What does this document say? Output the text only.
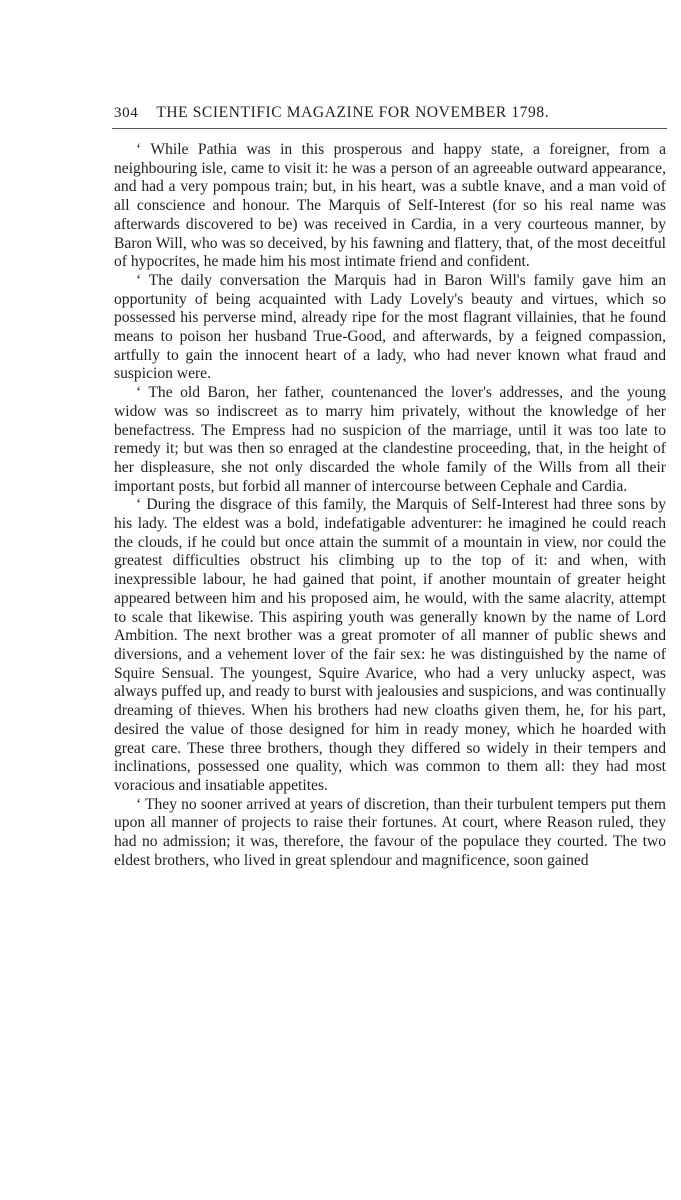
304 THE SCIENTIFIC MAGAZINE FOR NOVEMBER 1798.

‘ While Pathia was in this prosperous and happy state, a foreigner, from a neighbouring isle, came to visit it: he was a person of an agreeable outward appearance, and had a very pompous train; but, in his heart, was a subtle knave, and a man void of all conscience and honour. The Marquis of Self-Interest (for so his real name was afterwards discovered to be) was received in Cardia, in a very courteous manner, by Baron Will, who was so deceived, by his fawning and flattery, that, of the most deceitful of hypocrites, he made him his most intimate friend and confident.

‘ The daily conversation the Marquis had in Baron Will's family gave him an opportunity of being acquainted with Lady Lovely's beauty and virtues, which so possessed his perverse mind, already ripe for the most flagrant villainies, that he found means to poison her husband True-Good, and afterwards, by a feigned compassion, artfully to gain the innocent heart of a lady, who had never known what fraud and suspicion were.

‘ The old Baron, her father, countenanced the lover's addresses, and the young widow was so indiscreet as to marry him privately, without the knowledge of her benefactress. The Empress had no suspicion of the marriage, until it was too late to remedy it; but was then so enraged at the clandestine proceeding, that, in the height of her displeasure, she not only discarded the whole family of the Wills from all their important posts, but forbid all manner of intercourse between Cephale and Cardia.

‘ During the disgrace of this family, the Marquis of Self-Interest had three sons by his lady. The eldest was a bold, indefatigable adventurer: he imagined he could reach the clouds, if he could but once attain the summit of a mountain in view, nor could the greatest difficulties obstruct his climbing up to the top of it: and when, with inexpressible labour, he had gained that point, if another mountain of greater height appeared between him and his proposed aim, he would, with the same alacrity, attempt to scale that likewise. This aspiring youth was generally known by the name of Lord Ambition. The next brother was a great promoter of all manner of public shews and diversions, and a vehement lover of the fair sex: he was distinguished by the name of Squire Sensual. The youngest, Squire Avarice, who had a very unlucky aspect, was always puffed up, and ready to burst with jealousies and suspicions, and was continually dreaming of thieves. When his brothers had new cloaths given them, he, for his part, desired the value of those designed for him in ready money, which he hoarded with great care. These three brothers, though they differed so widely in their tempers and inclinations, possessed one quality, which was common to them all: they had most voracious and insatiable appetites.

‘ They no sooner arrived at years of discretion, than their turbulent tempers put them upon all manner of projects to raise their fortunes. At court, where Reason ruled, they had no admission; it was, therefore, the favour of the populace they courted. The two eldest brothers, who lived in great splendour and magnificence, soon gained
